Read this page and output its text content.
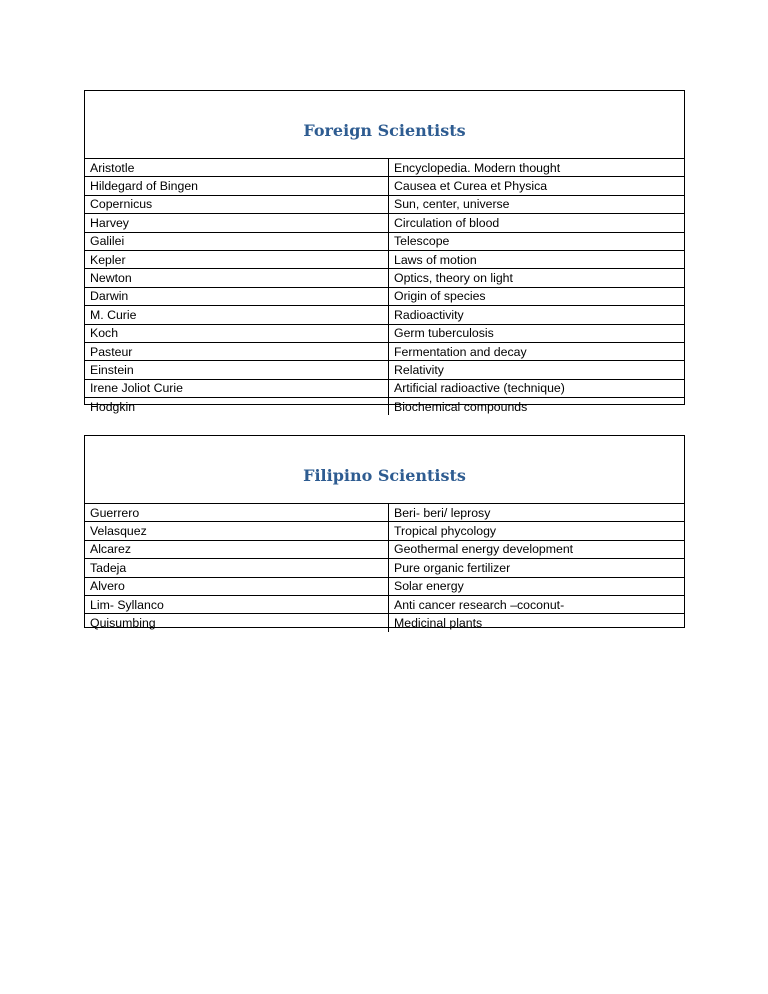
Foreign Scientists
Aristotle	Encyclopedia. Modern thought
Hildegard of Bingen	Causea et Curea et Physica
Copernicus	Sun, center, universe
Harvey	Circulation of blood
Galilei	Telescope
Kepler	Laws of motion
Newton	Optics, theory on light
Darwin	Origin of species
M. Curie	Radioactivity
Koch	Germ tuberculosis
Pasteur	Fermentation and decay
Einstein	Relativity
Irene Joliot Curie	Artificial radioactive (technique)
Hodgkin	Biochemical compounds
Filipino Scientists
Guerrero	Beri- beri/ leprosy
Velasquez	Tropical phycology
Alcarez	Geothermal energy development
Tadeja	Pure organic fertilizer
Alvero	Solar energy
Lim- Syllanco	Anti cancer research –coconut-
Quisumbing	Medicinal plants
